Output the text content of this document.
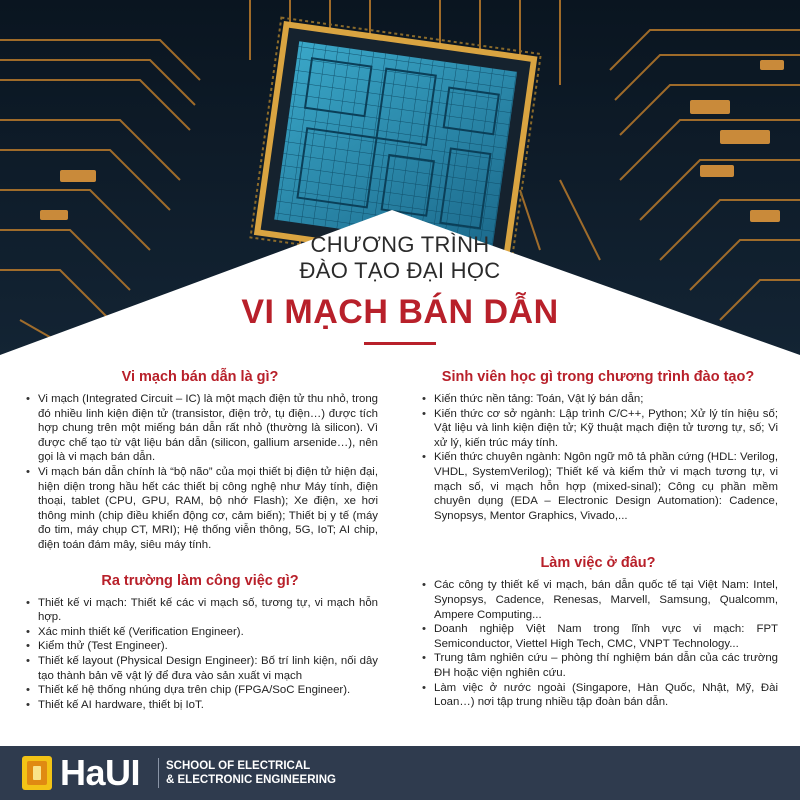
CHƯƠNG TRÌNH
ĐÀO TẠO ĐẠI HỌC
VI MẠCH BÁN DẪN
Vi mạch bán dẫn là gì?
• Vi mạch (Integrated Circuit – IC) là một mạch điện tử thu nhỏ, trong đó nhiều linh kiện điện tử (transistor, điện trở, tụ điện…) được tích hợp chung trên một miếng bán dẫn rất nhỏ (thường là silicon). Vì được chế tạo từ vật liệu bán dẫn (silicon, gallium arsenide…), nên gọi là vi mạch bán dẫn.
• Vi mạch bán dẫn chính là “bộ não” của mọi thiết bị điện tử hiện đại, hiện diện trong hầu hết các thiết bị công nghệ như Máy tính, điện thoại, tablet (CPU, GPU, RAM, bộ nhớ Flash); Xe điện, xe hơi thông minh (chip điều khiển động cơ, cảm biến); Thiết bị y tế (máy đo tim, máy chụp CT, MRI); Hệ thống viễn thông, 5G, IoT; AI chip, điện toán đám mây, siêu máy tính.
Ra trường làm công việc gì?
• Thiết kế vi mạch: Thiết kế các vi mạch số, tương tự, vi mạch hỗn hợp.
• Xác minh thiết kế (Verification Engineer).
• Kiểm thử (Test Engineer).
• Thiết kế layout (Physical Design Engineer): Bố trí linh kiện, nối dây tạo thành bản vẽ vật lý để đưa vào sản xuất vi mạch
• Thiết kế hệ thống nhúng dựa trên chip (FPGA/SoC Engineer).
• Thiết kế AI hardware, thiết bị IoT.
Sinh viên học gì trong chương trình đào tạo?
• Kiến thức nền tảng: Toán, Vật lý bán dẫn;
• Kiến thức cơ sở ngành: Lập trình C/C++, Python; Xử lý tín hiệu số; Vật liệu và linh kiện điện tử; Kỹ thuật mạch điện tử tương tự, số; Vi xử lý, kiến trúc máy tính.
• Kiến thức chuyên ngành: Ngôn ngữ mô tả phần cứng (HDL: Verilog, VHDL, SystemVerilog); Thiết kế và kiểm thử vi mạch tương tự, vi mạch số, vi mạch hỗn hợp (mixed-sinal); Công cụ phần mềm chuyên dụng (EDA – Electronic Design Automation): Cadence, Synopsys, Mentor Graphics, Vivado,...
Làm việc ở đâu?
• Các công ty thiết kế vi mạch, bán dẫn quốc tế tại Việt Nam: Intel, Synopsys, Cadence, Renesas, Marvell, Samsung, Qualcomm, Ampere Computing...
• Doanh nghiệp Việt Nam trong lĩnh vực vi mạch: FPT Semiconductor, Viettel High Tech, CMC, VNPT Technology...
• Trung tâm nghiên cứu – phòng thí nghiệm bán dẫn của các trường ĐH hoặc viện nghiên cứu.
• Làm việc ở nước ngoài (Singapore, Hàn Quốc, Nhật, Mỹ, Đài Loan…) nơi tập trung nhiều tập đoàn bán dẫn.
HaUI SCHOOL OF ELECTRICAL
& ELECTRONIC ENGINEERING
